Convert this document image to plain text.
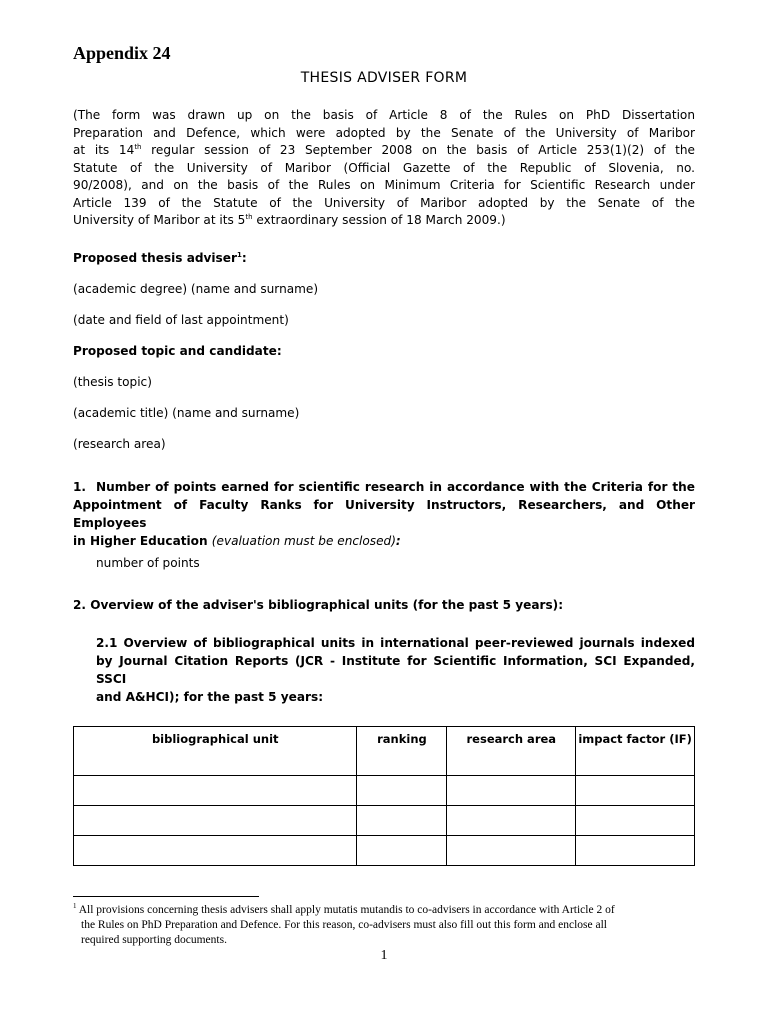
Appendix 24
THESIS ADVISER FORM
(The form was drawn up on the basis of Article 8 of the Rules on PhD Dissertation
Preparation and Defence, which were adopted by the Senate of the University of Maribor
at its 14th regular session of 23 September 2008 on the basis of Article 253(1)(2) of the
Statute of the University of Maribor (Official Gazette of the Republic of Slovenia, no.
90/2008), and on the basis of the Rules on Minimum Criteria for Scientific Research under
Article 139 of the Statute of the University of Maribor adopted by the Senate of the
University of Maribor at its 5th extraordinary session of 18 March 2009.)
Proposed thesis adviser$^1$:
(academic degree) (name and surname)
(date and field of last appointment)
Proposed topic and candidate:
(thesis topic)
(academic title) (name and surname)
(research area)
1. Number of points earned for scientific research in accordance with the Criteria for the
Appointment of Faculty Ranks for University Instructors, Researchers, and Other Employees
in Higher Education (evaluation must be enclosed):
number of points
2. Overview of the adviser's bibliographical units (for the past 5 years):
2.1 Overview of bibliographical units in international peer-reviewed journals indexed
by Journal Citation Reports (JCR - Institute for Scientific Information, SCI Expanded, SSCI
and A&HCI); for the past 5 years:
bibliographical unit	ranking	research area	impact factor (IF)

$^1$ All provisions concerning thesis advisers shall apply mutatis mutandis to co-advisers in accordance with Article 2 of
the Rules on PhD Preparation and Defence. For this reason, co-advisers must also fill out this form and enclose all
required supporting documents.
1
